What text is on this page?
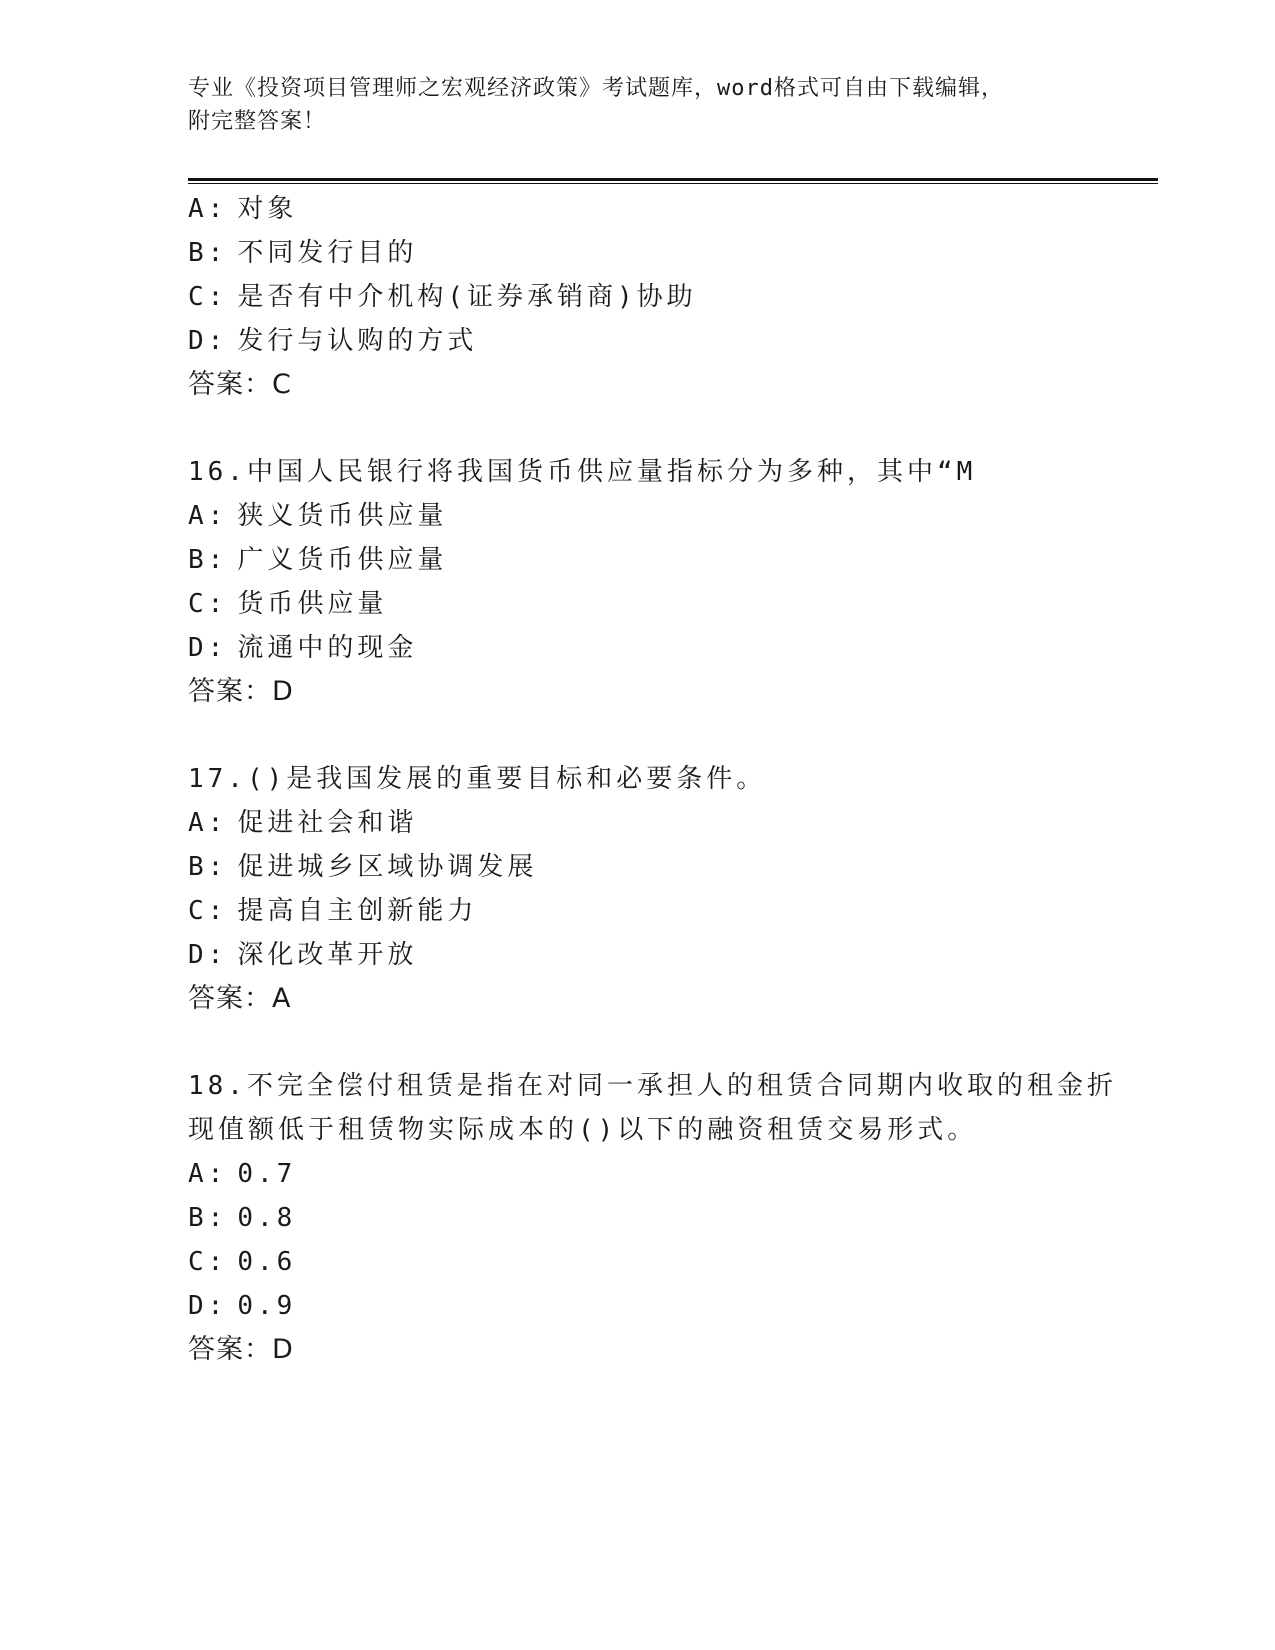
专业《投资项目管理师之宏观经济政策》考试题库，word格式可自由下载编辑，
附完整答案！
A: 对象
B: 不同发行目的
C: 是否有中介机构(证券承销商)协助
D: 发行与认购的方式
答案：C
16.中国人民银行将我国货币供应量指标分为多种，其中“M
A: 狭义货币供应量
B: 广义货币供应量
C: 货币供应量
D: 流通中的现金
答案：D
17.()是我国发展的重要目标和必要条件。
A: 促进社会和谐
B: 促进城乡区域协调发展
C: 提高自主创新能力
D: 深化改革开放
答案：A
18.不完全偿付租赁是指在对同一承担人的租赁合同期内收取的租金折
现值额低于租赁物实际成本的()以下的融资租赁交易形式。
A: 0.7
B: 0.8
C: 0.6
D: 0.9
答案：D
